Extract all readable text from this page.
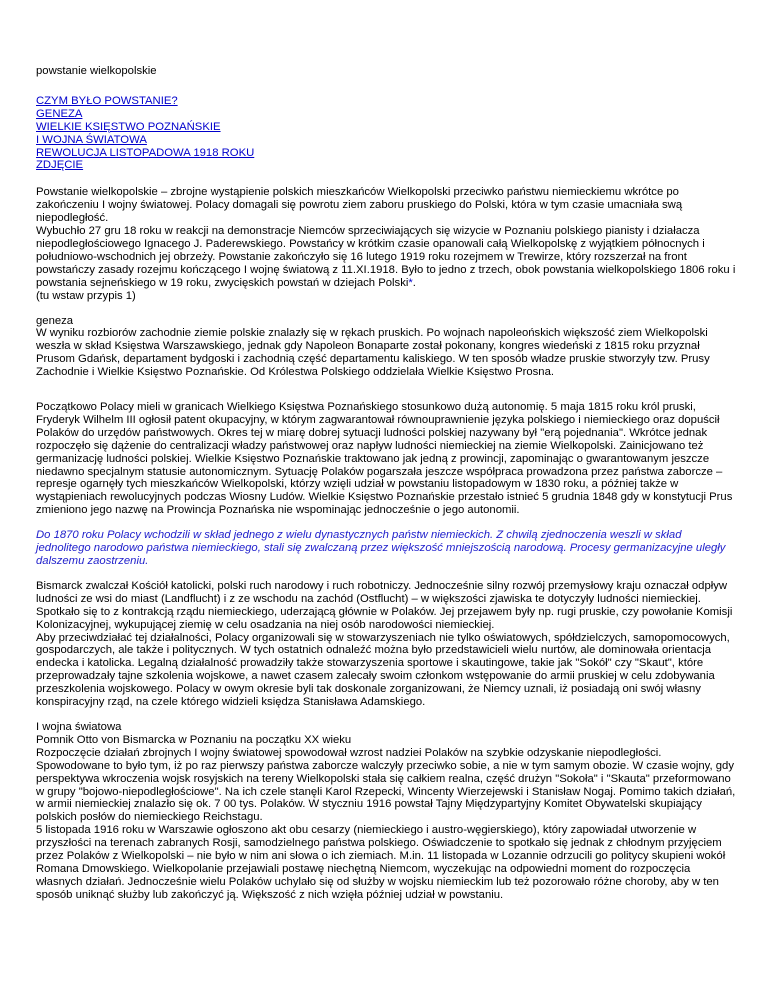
powstanie wielkopolskie
CZYM BYŁO POWSTANIE?
GENEZA
WIELKIE KSIĘSTWO POZNAŃSKIE
I WOJNA ŚWIATOWA
REWOLUCJA LISTOPADOWA 1918 ROKU
ZDJĘCIE

Powstanie wielkopolskie – zbrojne wystąpienie polskich mieszkańców Wielkopolski przeciwko państwu niemieckiemu wkrótce po zakończeniu I wojny światowej. Polacy domagali się powrotu ziem zaboru pruskiego do Polski, która w tym czasie umacniała swą niepodległość.
Wybuchło 27 gru 18 roku w reakcji na demonstracje Niemców sprzeciwiających się wizycie w Poznaniu polskiego pianisty i działacza niepodległościowego Ignacego J. Paderewskiego. Powstańcy w krótkim czasie opanowali całą Wielkopolskę z wyjątkiem północnych i południowo-wschodnich jej obrzeży. Powstanie zakończyło się 16 lutego 1919 roku rozejmem w Trewirze, który rozszerzał na front powstańczy zasady rozejmu kończącego I wojnę światową z 11.XI.1918. Było to jedno z trzech, obok powstania wielkopolskiego 1806 roku i powstania sejneńskiego w 19 roku, zwycięskich powstań w dziejach Polski*.
(tu wstaw przypis 1)

geneza
W wyniku rozbiorów zachodnie ziemie polskie znalazły się w rękach pruskich. Po wojnach napoleońskich większość ziem Wielkopolski weszła w skład Księstwa Warszawskiego, jednak gdy Napoleon Bonaparte został pokonany, kongres wiedeński z 1815 roku przyznał Prusom Gdańsk, departament bydgoski i zachodnią część departamentu kaliskiego. W ten sposób władze pruskie stworzyły tzw. Prusy Zachodnie i Wielkie Księstwo Poznańskie. Od Królestwa Polskiego oddzielała Wielkie Księstwo Prosna.

Początkowo Polacy mieli w granicach Wielkiego Księstwa Poznańskiego stosunkowo dużą autonomię. 5 maja 1815 roku król pruski, Fryderyk Wilhelm III ogłosił patent okupacyjny, w którym zagwarantował równouprawnienie języka polskiego i niemieckiego oraz dopuścił Polaków do urzędów państwowych. Okres tej w miarę dobrej sytuacji ludności polskiej nazywany był "erą pojednania". Wkrótce jednak rozpoczęło się dążenie do centralizacji władzy państwowej oraz napływ ludności niemieckiej na ziemie Wielkopolski. Zainicjowano też germanizację ludności polskiej. Wielkie Księstwo Poznańskie traktowano jak jedną z prowincji, zapominając o gwarantowanym jeszcze niedawno specjalnym statusie autonomicznym. Sytuację Polaków pogarszała jeszcze współpraca prowadzona przez państwa zaborcze – represje ogarnęły tych mieszkańców Wielkopolski, którzy wzięli udział w powstaniu listopadowym w 1830 roku, a później także w wystąpieniach rewolucyjnych podczas Wiosny Ludów. Wielkie Księstwo Poznańskie przestało istnieć 5 grudnia 1848 gdy w konstytucji Prus zmieniono jego nazwę na Prowincja Poznańska nie wspominając jednocześnie o jego autonomii.

Do 1870 roku Polacy wchodzili w skład jednego z wielu dynastycznych państw niemieckich. Z chwilą zjednoczenia weszli w skład jednolitego narodowo państwa niemieckiego, stali się zwalczaną przez większość mniejszością narodową. Procesy germanizacyjne uległy dalszemu zaostrzeniu.

Bismarck zwalczał Kościół katolicki, polski ruch narodowy i ruch robotniczy. Jednocześnie silny rozwój przemysłowy kraju oznaczał odpływ ludności ze wsi do miast (Landflucht) i z ze wschodu na zachód (Ostflucht) – w większości zjawiska te dotyczyły ludności niemieckiej. Spotkało się to z kontrakcją rządu niemieckiego, uderzającą głównie w Polaków. Jej przejawem były np. rugi pruskie, czy powołanie Komisji Kolonizacyjnej, wykupującej ziemię w celu osadzania na niej osób narodowości niemieckiej.
Aby przeciwdziałać tej działalności, Polacy organizowali się w stowarzyszeniach nie tylko oświatowych, spółdzielczych, samopomocowych, gospodarczych, ale także i politycznych. W tych ostatnich odnaleźć można było przedstawicieli wielu nurtów, ale dominowała orientacja endecka i katolicka. Legalną działalność prowadziły także stowarzyszenia sportowe i skautingowe, takie jak "Sokół" czy "Skaut", które przeprowadzały tajne szkolenia wojskowe, a nawet czasem zalecały swoim członkom wstępowanie do armii pruskiej w celu zdobywania przeszkolenia wojskowego. Polacy w owym okresie byli tak doskonale zorganizowani, że Niemcy uznali, iż posiadają oni swój własny konspiracyjny rząd, na czele którego widzieli księdza Stanisława Adamskiego.

I wojna światowa
Pomnik Otto von Bismarcka w Poznaniu na początku XX wieku
Rozpoczęcie działań zbrojnych I wojny światowej spowodował wzrost nadziei Polaków na szybkie odzyskanie niepodległości. Spowodowane to było tym, iż po raz pierwszy państwa zaborcze walczyły przeciwko sobie, a nie w tym samym obozie. W czasie wojny, gdy perspektywa wkroczenia wojsk rosyjskich na tereny Wielkopolski stała się całkiem realna, część drużyn "Sokoła" i "Skauta" przeformowano w grupy "bojowo-niepodległościowe". Na ich czele stanęli Karol Rzepecki, Wincenty Wierzejewski i Stanisław Nogaj. Pomimo takich działań, w armii niemieckiej znalazło się ok. 7 00 tys. Polaków. W styczniu 1916 powstał Tajny Międzypartyjny Komitet Obywatelski skupiający polskich posłów do niemieckiego Reichstagu.
5 listopada 1916 roku w Warszawie ogłoszono akt obu cesarzy (niemieckiego i austro-węgierskiego), który zapowiadał utworzenie w przyszłości na terenach zabranych Rosji, samodzielnego państwa polskiego. Oświadczenie to spotkało się jednak z chłodnym przyjęciem przez Polaków z Wielkopolski – nie było w nim ani słowa o ich ziemiach. M.in. 11 listopada w Lozannie odrzucili go politycy skupieni wokół Romana Dmowskiego. Wielkopolanie przejawiali postawę niechętną Niemcom, wyczekując na odpowiedni moment do rozpoczęcia własnych działań. Jednocześnie wielu Polaków uchylało się od służby w wojsku niemieckim lub też pozorowało różne choroby, aby w ten sposób uniknąć służby lub zakończyć ją. Większość z nich wzięła później udział w powstaniu.
